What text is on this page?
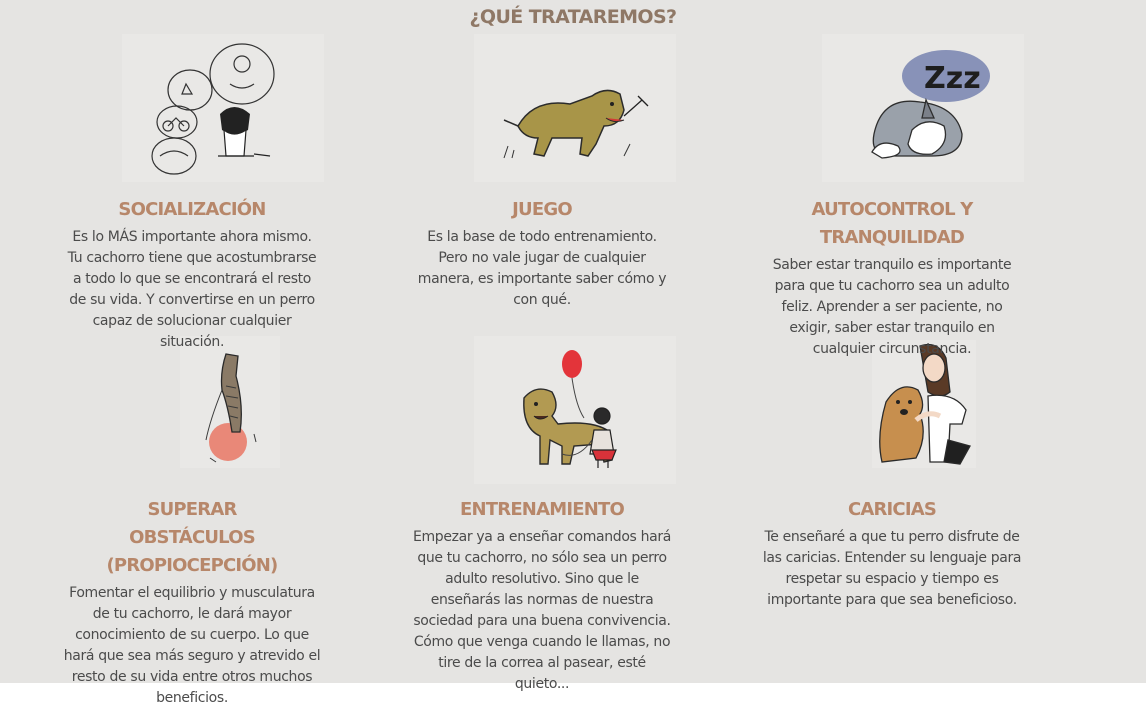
¿QUÉ TRATAREMOS?
Zzz
SOCIALIZACIÓN
Es lo MÁS importante ahora mismo. Tu cachorro tiene que acostumbrarse a todo lo que se encontrará el resto de su vida. Y convertirse en un perro capaz de solucionar cualquier situación.
JUEGO
Es la base de todo entrenamiento. Pero no vale jugar de cualquier manera, es importante saber cómo y con qué.
AUTOCONTROL Y TRANQUILIDAD
Saber estar tranquilo es importante para que tu cachorro sea un adulto feliz. Aprender a ser paciente, no exigir, saber estar tranquilo en cualquier circunstancia.
SUPERAR OBSTÁCULOS (PROPIOCEPCIÓN)
Fomentar el equilibrio y musculatura de tu cachorro, le dará mayor conocimiento de su cuerpo. Lo que hará que sea más seguro y atrevido el resto de su vida entre otros muchos beneficios.
ENTRENAMIENTO
Empezar ya a enseñar comandos hará que tu cachorro, no sólo sea un perro adulto resolutivo. Sino que le enseñarás las normas de nuestra sociedad para una buena convivencia. Cómo que venga cuando le llamas, no tire de la correa al pasear, esté quieto...
CARICIAS
Te enseñaré a que tu perro disfrute de las caricias. Entender su lenguaje para respetar su espacio y tiempo es importante para que sea beneficioso.
